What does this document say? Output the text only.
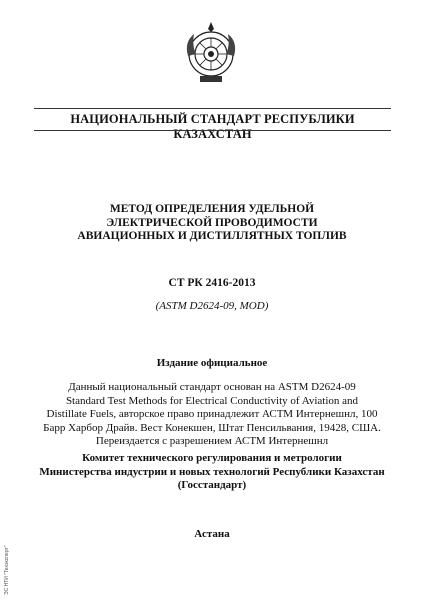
НАЦИОНАЛЬНЫЙ СТАНДАРТ РЕСПУБЛИКИ КАЗАХСТАН
МЕТОД ОПРЕДЕЛЕНИЯ УДЕЛЬНОЙ
ЭЛЕКТРИЧЕСКОЙ ПРОВОДИМОСТИ
АВИАЦИОННЫХ И ДИСТИЛЛЯТНЫХ ТОПЛИВ
СТ РК 2416-2013
(ASTM D2624-09, MOD)
Издание официальное
Данный национальный стандарт основан на ASTM D2624-09
Standard Test Methods for Electrical Conductivity of Aviation and
Distillate Fuels, авторское право принадлежит АСТМ Интернешнл, 100
Барр Харбор Драйв. Вест Конекшен, Штат Пенсильвания, 19428, США.
Переиздается с разрешением АСТМ Интернешнл
Комитет технического регулирования и метрологии
Министерства индустрии и новых технологий Республики Казахстан
(Госстандарт)
Астана
ЭС НТИ "Техэксперт"
